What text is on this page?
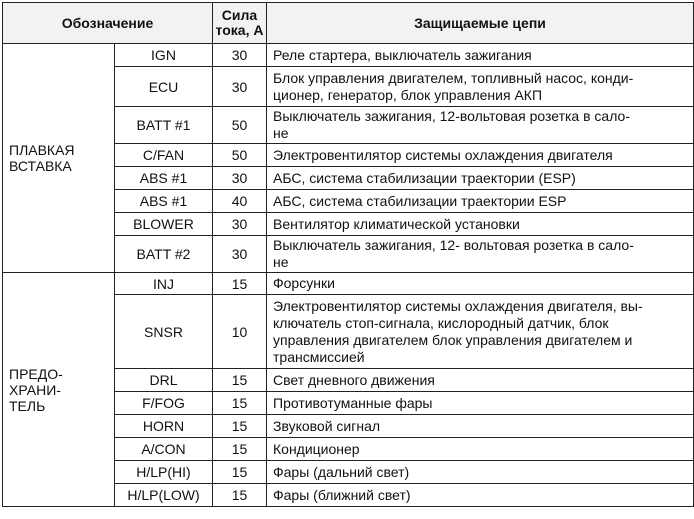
Обозначение		Сила
тока, А	Защищаемые цепи
ПЛАВКАЯ
ВСТАВКА	IGN	30	Реле стартера, выключатель зажигания
	ECU	30	Блок управления двигателем, топливный насос, конди-
ционер, генератор, блок управления АКП
	BATT #1	50	Выключатель зажигания, 12-вольтовая розетка в сало-
не
	C/FAN	50	Электровентилятор системы охлаждения двигателя
	ABS #1	30	АБС, система стабилизации траектории (ESP)
	ABS #1	40	АБС, система стабилизации траектории ESP
	BLOWER	30	Вентилятор климатической установки
	BATT #2	30	Выключатель зажигания, 12- вольтовая розетка в сало-
не
ПРЕДО-
ХРАНИ-
ТЕЛЬ	INJ	15	Форсунки
	SNSR	10	Электровентилятор системы охлаждения двигателя, вы-
ключатель стоп-сигнала, кислородный датчик, блок
управления двигателем блок управления двигателем и
трансмиссией
	DRL	15	Свет дневного движения
	F/FOG	15	Противотуманные фары
	HORN	15	Звуковой сигнал
	A/CON	15	Кондиционер
	H/LP(HI)	15	Фары (дальний свет)
	H/LP(LOW)	15	Фары (ближний свет)
